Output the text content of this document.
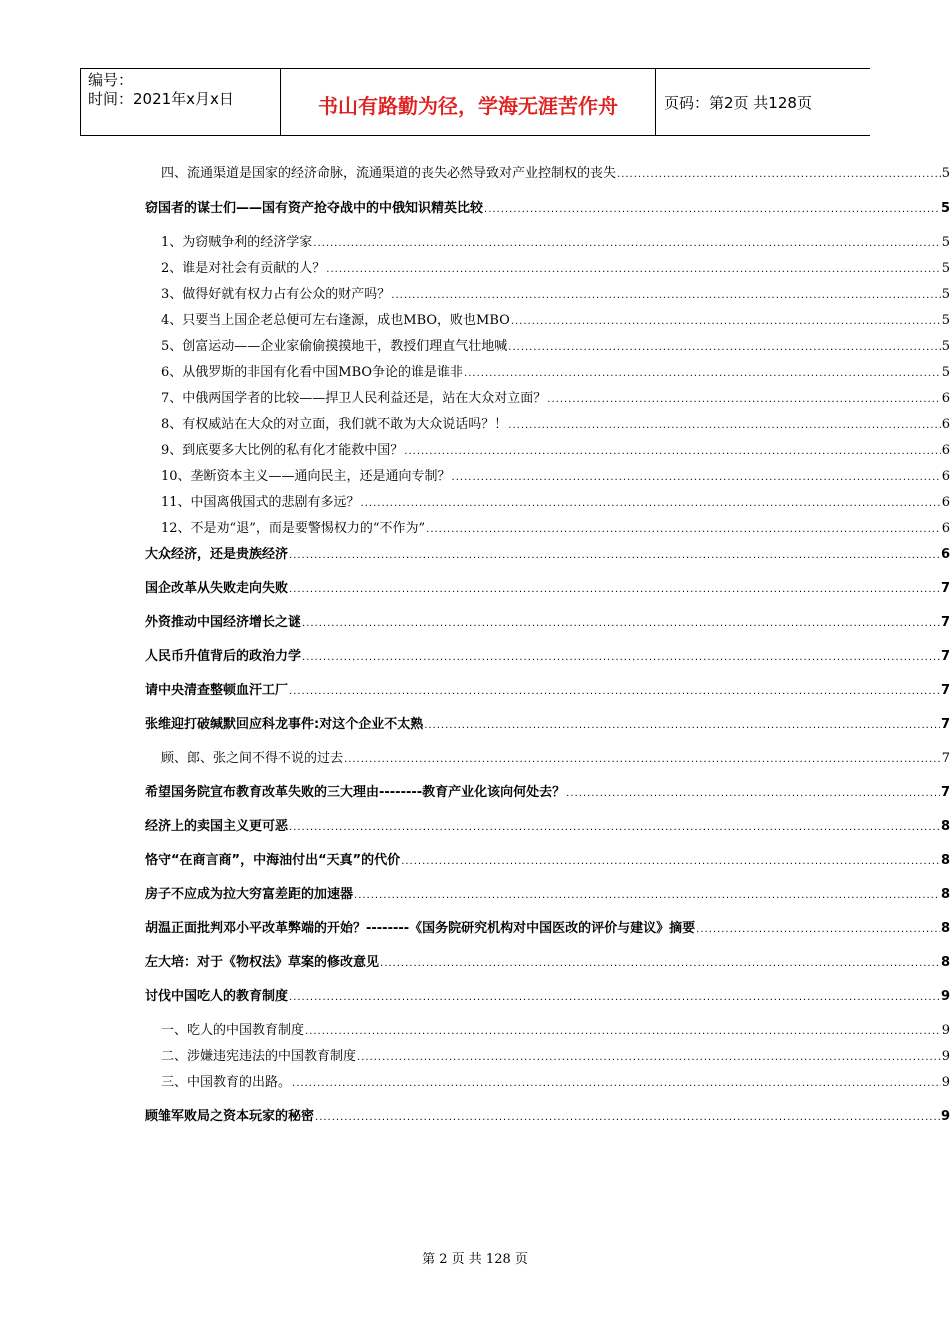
编号：
时间：2021年x月x日	书山有路勤为径，学海无涯苦作舟	页码：第2页 共128页
四、流通渠道是国家的经济命脉，流通渠道的丧失必然导致对产业控制权的丧失 .....	5
窃国者的谋士们——国有资产抢夺战中的中俄知识精英比较 .....	5
1、为窃贼争利的经济学家 .....	5
2、谁是对社会有贡献的人？ .....	5
3、做得好就有权力占有公众的财产吗？ .....	5
4、只要当上国企老总便可左右逢源，成也MBO，败也MBO .....	5
5、创富运动——企业家偷偷摸摸地干，教授们理直气壮地喊 .....	5
6、从俄罗斯的非国有化看中国MBO争论的谁是谁非 .....	5
7、中俄两国学者的比较——捍卫人民利益还是，站在大众对立面？ .....	6
8、有权威站在大众的对立面，我们就不敢为大众说话吗？！ .....	6
9、到底要多大比例的私有化才能救中国？ .....	6
10、垄断资本主义——通向民主，还是通向专制？ .....	6
11、中国离俄国式的悲剧有多远？ .....	6
12、不是劝“退”，而是要警惕权力的“不作为” .....	6
大众经济，还是贵族经济 .....	6
国企改革从失败走向失败 .....	7
外资推动中国经济增长之谜 .....	7
人民币升值背后的政治力学 .....	7
请中央清查整顿血汗工厂 .....	7
张维迎打破缄默回应科龙事件:对这个企业不太熟 .....	7
顾、郎、张之间不得不说的过去 .....	7
希望国务院宣布教育改革失败的三大理由--------教育产业化该向何处去？ .....	7
经济上的卖国主义更可恶 .....	8
恪守“在商言商”，中海油付出“天真”的代价 .....	8
房子不应成为拉大穷富差距的加速器 .....	8
胡温正面批判邓小平改革弊端的开始？--------《国务院研究机构对中国医改的评价与建议》摘要 .....	8
左大培：对于《物权法》草案的修改意见 .....	8
讨伐中国吃人的教育制度 .....	9
一、吃人的中国教育制度 .....	9
二、涉嫌违宪违法的中国教育制度 .....	9
三、中国教育的出路。 .....	9
顾雏军败局之资本玩家的秘密 .....	9
第 2 页 共 128 页
